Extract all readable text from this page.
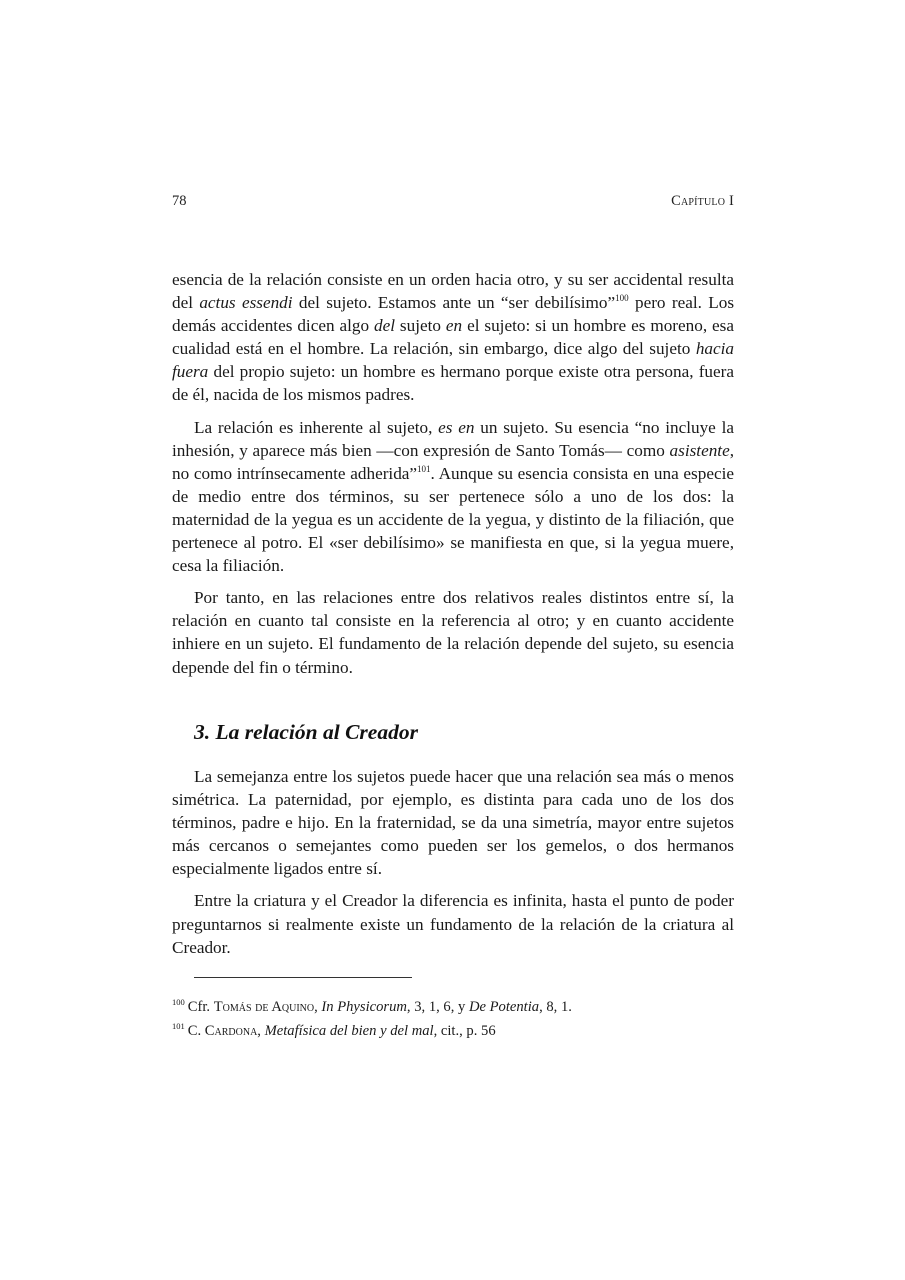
78	Capítulo I

esencia de la relación consiste en un orden hacia otro, y su ser accidental resulta del actus essendi del sujeto. Estamos ante un “ser debilísimo”$^{100}$ pero real. Los demás accidentes dicen algo del sujeto en el sujeto: si un hombre es moreno, esa cualidad está en el hombre. La relación, sin embargo, dice algo del sujeto hacia fuera del propio sujeto: un hombre es hermano porque existe otra persona, fuera de él, nacida de los mismos padres.

La relación es inherente al sujeto, es en un sujeto. Su esencia “no incluye la inhesión, y aparece más bien —con expresión de Santo Tomás— como asistente, no como intrínsecamente adherida”$^{101}$. Aunque su esencia consista en una especie de medio entre dos términos, su ser pertenece sólo a uno de los dos: la maternidad de la yegua es un accidente de la yegua, y distinto de la filiación, que pertenece al potro. El «ser debilísimo» se manifiesta en que, si la yegua muere, cesa la filiación.

Por tanto, en las relaciones entre dos relativos reales distintos entre sí, la relación en cuanto tal consiste en la referencia al otro; y en cuanto accidente inhiere en un sujeto. El fundamento de la relación depende del sujeto, su esencia depende del fin o término.

3. La relación al Creador

La semejanza entre los sujetos puede hacer que una relación sea más o menos simétrica. La paternidad, por ejemplo, es distinta para cada uno de los dos términos, padre e hijo. En la fraternidad, se da una simetría, mayor entre sujetos más cercanos o semejantes como pueden ser los gemelos, o dos hermanos especialmente ligados entre sí.

Entre la criatura y el Creador la diferencia es infinita, hasta el punto de poder preguntarnos si realmente existe un fundamento de la relación de la criatura al Creador.

$^{100}$ Cfr. Tomás de Aquino, In Physicorum, 3, 1, 6, y De Potentia, 8, 1.

$^{101}$ C. Cardona, Metafísica del bien y del mal, cit., p. 56
